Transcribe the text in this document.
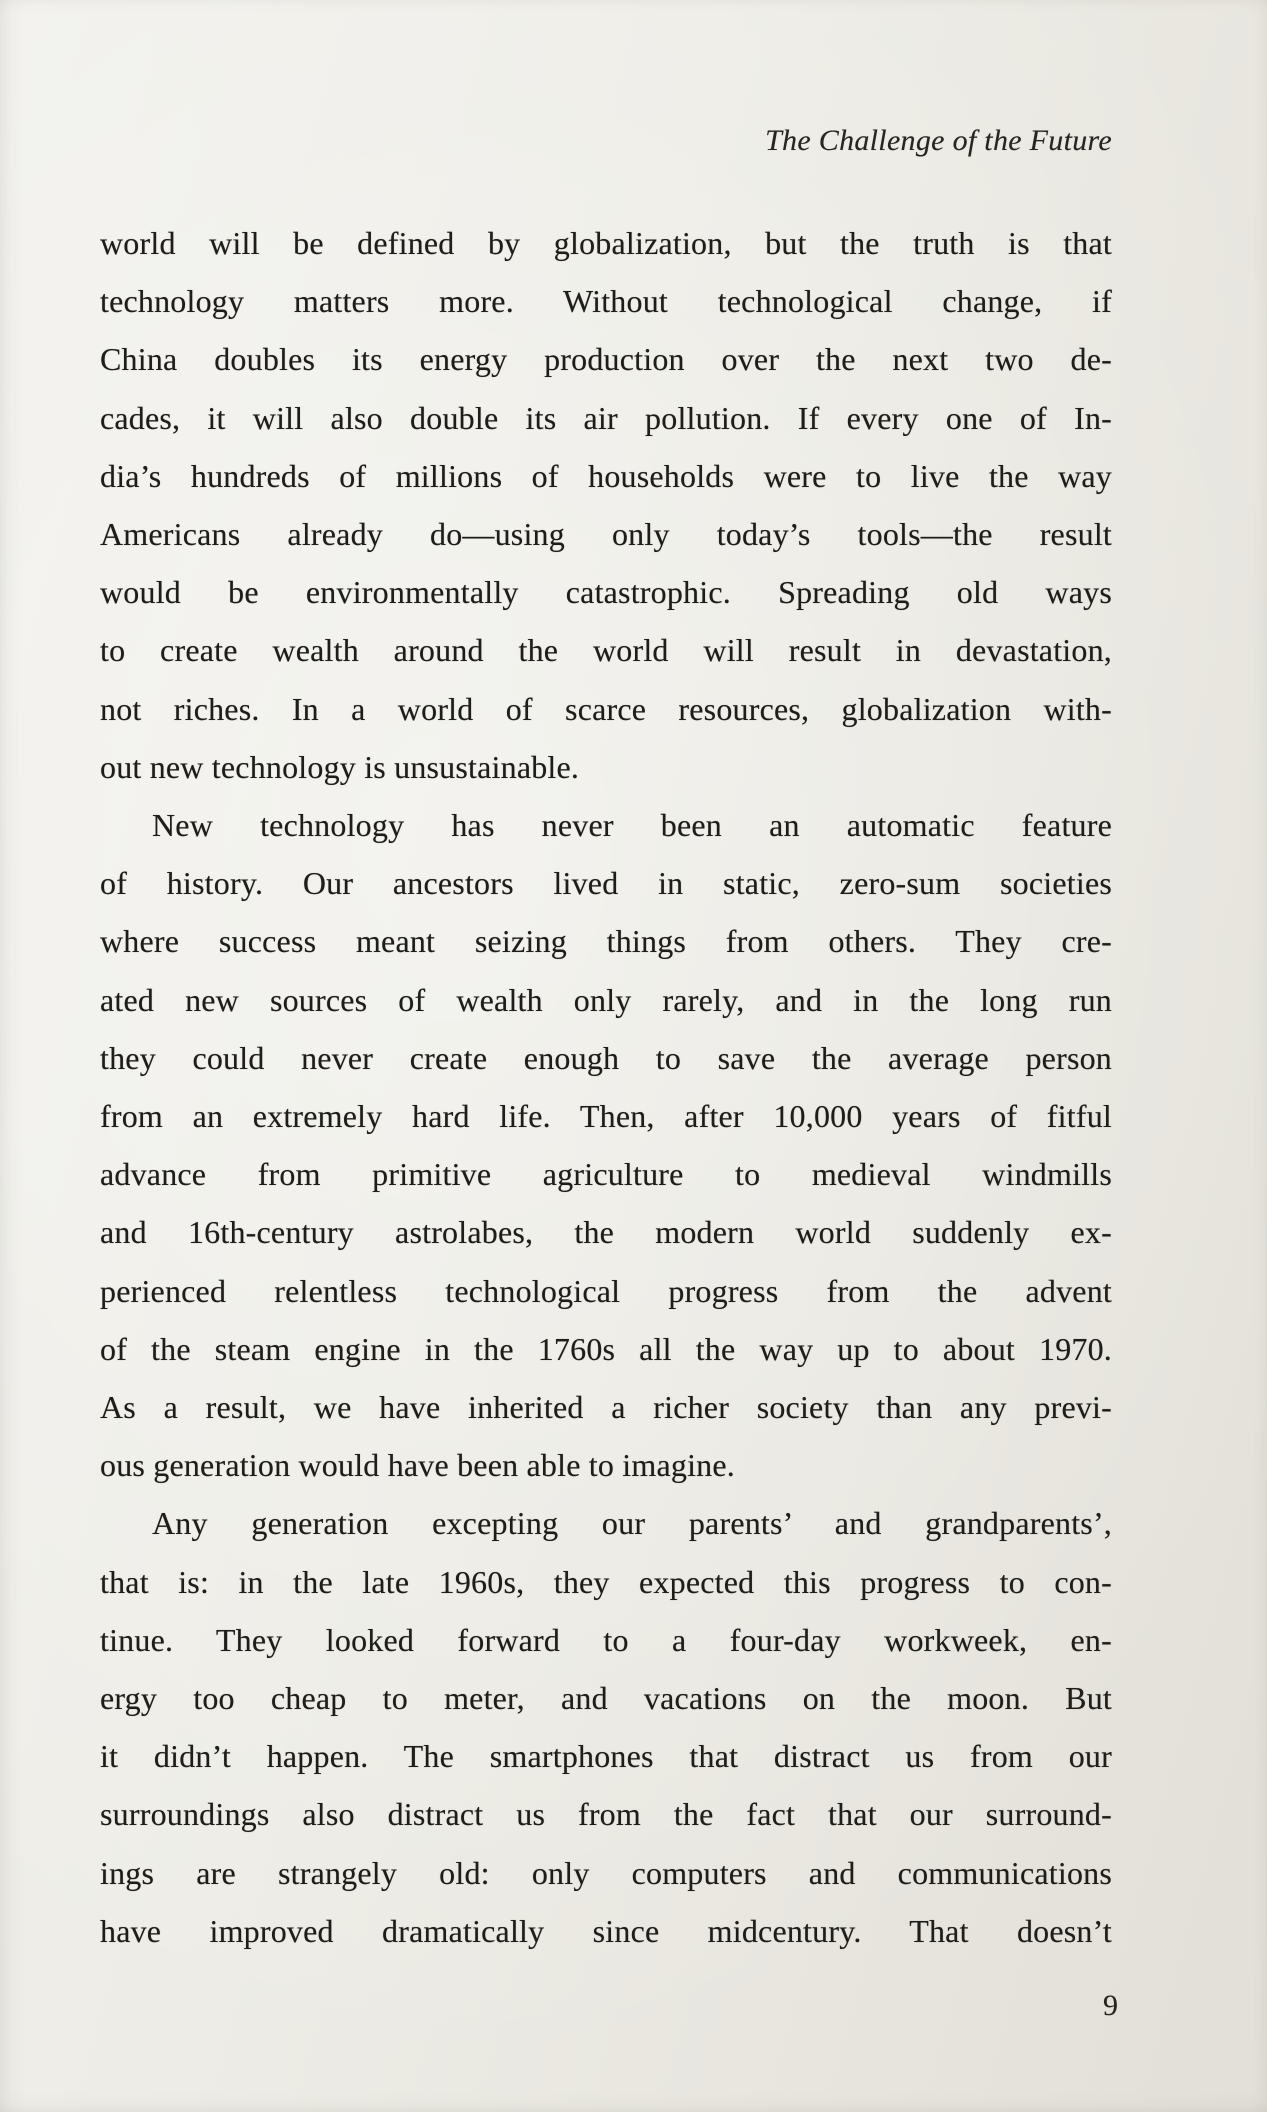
The Challenge of the Future
world will be defined by globalization, but the truth is that
technology matters more. Without technological change, if
China doubles its energy production over the next two de-
cades, it will also double its air pollution. If every one of In-
dia’s hundreds of millions of households were to live the way
Americans already do—using only today’s tools—the result
would be environmentally catastrophic. Spreading old ways
to create wealth around the world will result in devastation,
not riches. In a world of scarce resources, globalization with-
out new technology is unsustainable.
New technology has never been an automatic feature
of history. Our ancestors lived in static, zero-sum societies
where success meant seizing things from others. They cre-
ated new sources of wealth only rarely, and in the long run
they could never create enough to save the average person
from an extremely hard life. Then, after 10,000 years of fitful
advance from primitive agriculture to medieval windmills
and 16th-century astrolabes, the modern world suddenly ex-
perienced relentless technological progress from the advent
of the steam engine in the 1760s all the way up to about 1970.
As a result, we have inherited a richer society than any previ-
ous generation would have been able to imagine.
Any generation excepting our parents’ and grandparents’,
that is: in the late 1960s, they expected this progress to con-
tinue. They looked forward to a four-day workweek, en-
ergy too cheap to meter, and vacations on the moon. But
it didn’t happen. The smartphones that distract us from our
surroundings also distract us from the fact that our surround-
ings are strangely old: only computers and communications
have improved dramatically since midcentury. That doesn’t
9
